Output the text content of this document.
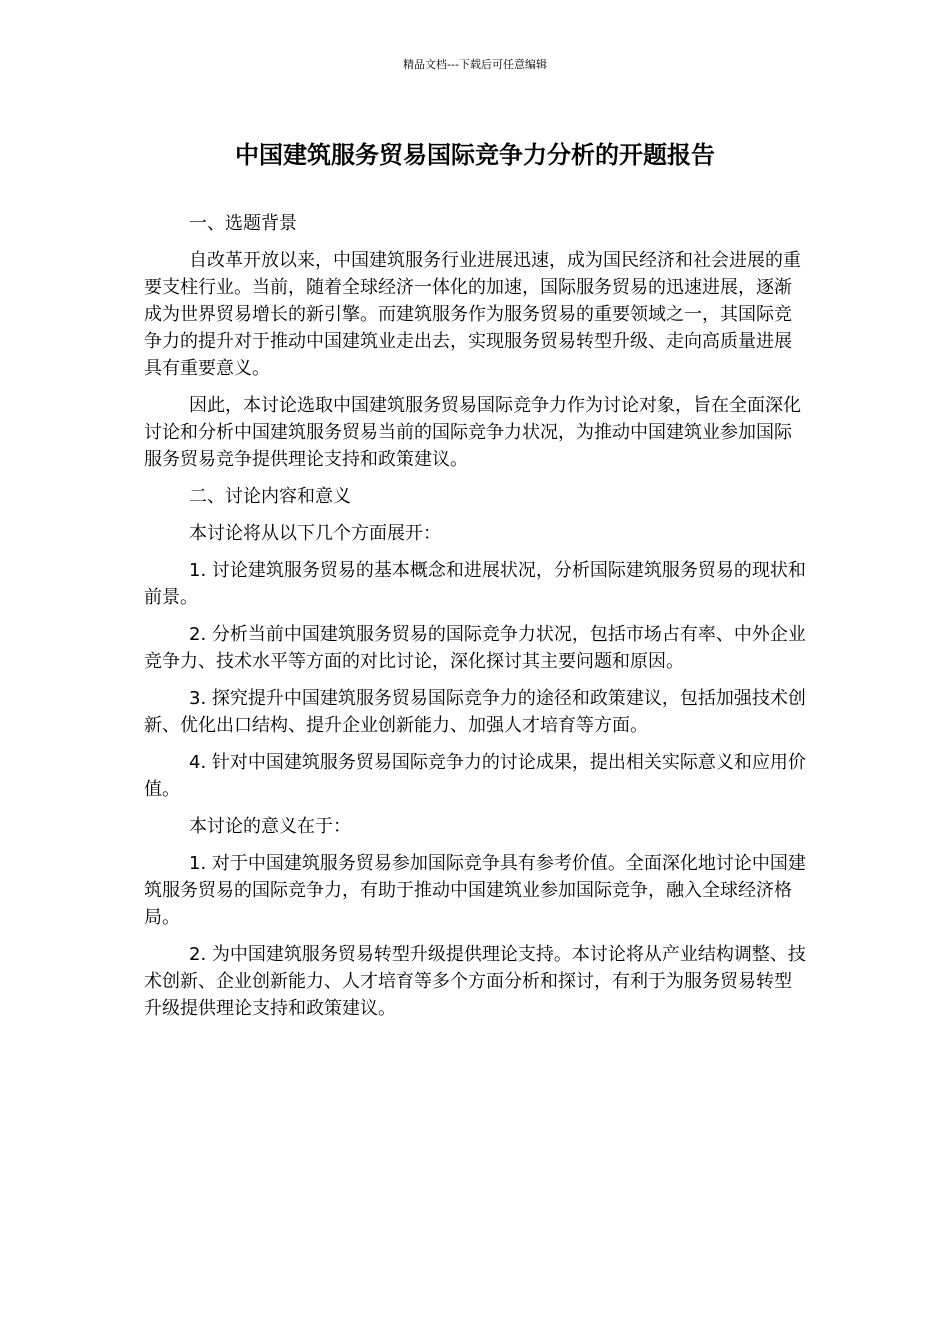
精品文档---下载后可任意编辑
中国建筑服务贸易国际竞争力分析的开题报告

一、选题背景

自改革开放以来，中国建筑服务行业进展迅速，成为国民经济和社会进展的重要支柱行业。当前，随着全球经济一体化的加速，国际服务贸易的迅速进展，逐渐成为世界贸易增长的新引擎。而建筑服务作为服务贸易的重要领域之一，其国际竞争力的提升对于推动中国建筑业走出去，实现服务贸易转型升级、走向高质量进展具有重要意义。

因此，本讨论选取中国建筑服务贸易国际竞争力作为讨论对象，旨在全面深化讨论和分析中国建筑服务贸易当前的国际竞争力状况，为推动中国建筑业参加国际服务贸易竞争提供理论支持和政策建议。

二、讨论内容和意义

本讨论将从以下几个方面展开：

1. 讨论建筑服务贸易的基本概念和进展状况，分析国际建筑服务贸易的现状和前景。

2. 分析当前中国建筑服务贸易的国际竞争力状况，包括市场占有率、中外企业竞争力、技术水平等方面的对比讨论，深化探讨其主要问题和原因。

3. 探究提升中国建筑服务贸易国际竞争力的途径和政策建议，包括加强技术创新、优化出口结构、提升企业创新能力、加强人才培育等方面。

4. 针对中国建筑服务贸易国际竞争力的讨论成果，提出相关实际意义和应用价值。

本讨论的意义在于：

1. 对于中国建筑服务贸易参加国际竞争具有参考价值。全面深化地讨论中国建筑服务贸易的国际竞争力，有助于推动中国建筑业参加国际竞争，融入全球经济格局。

2. 为中国建筑服务贸易转型升级提供理论支持。本讨论将从产业结构调整、技术创新、企业创新能力、人才培育等多个方面分析和探讨，有利于为服务贸易转型升级提供理论支持和政策建议。
